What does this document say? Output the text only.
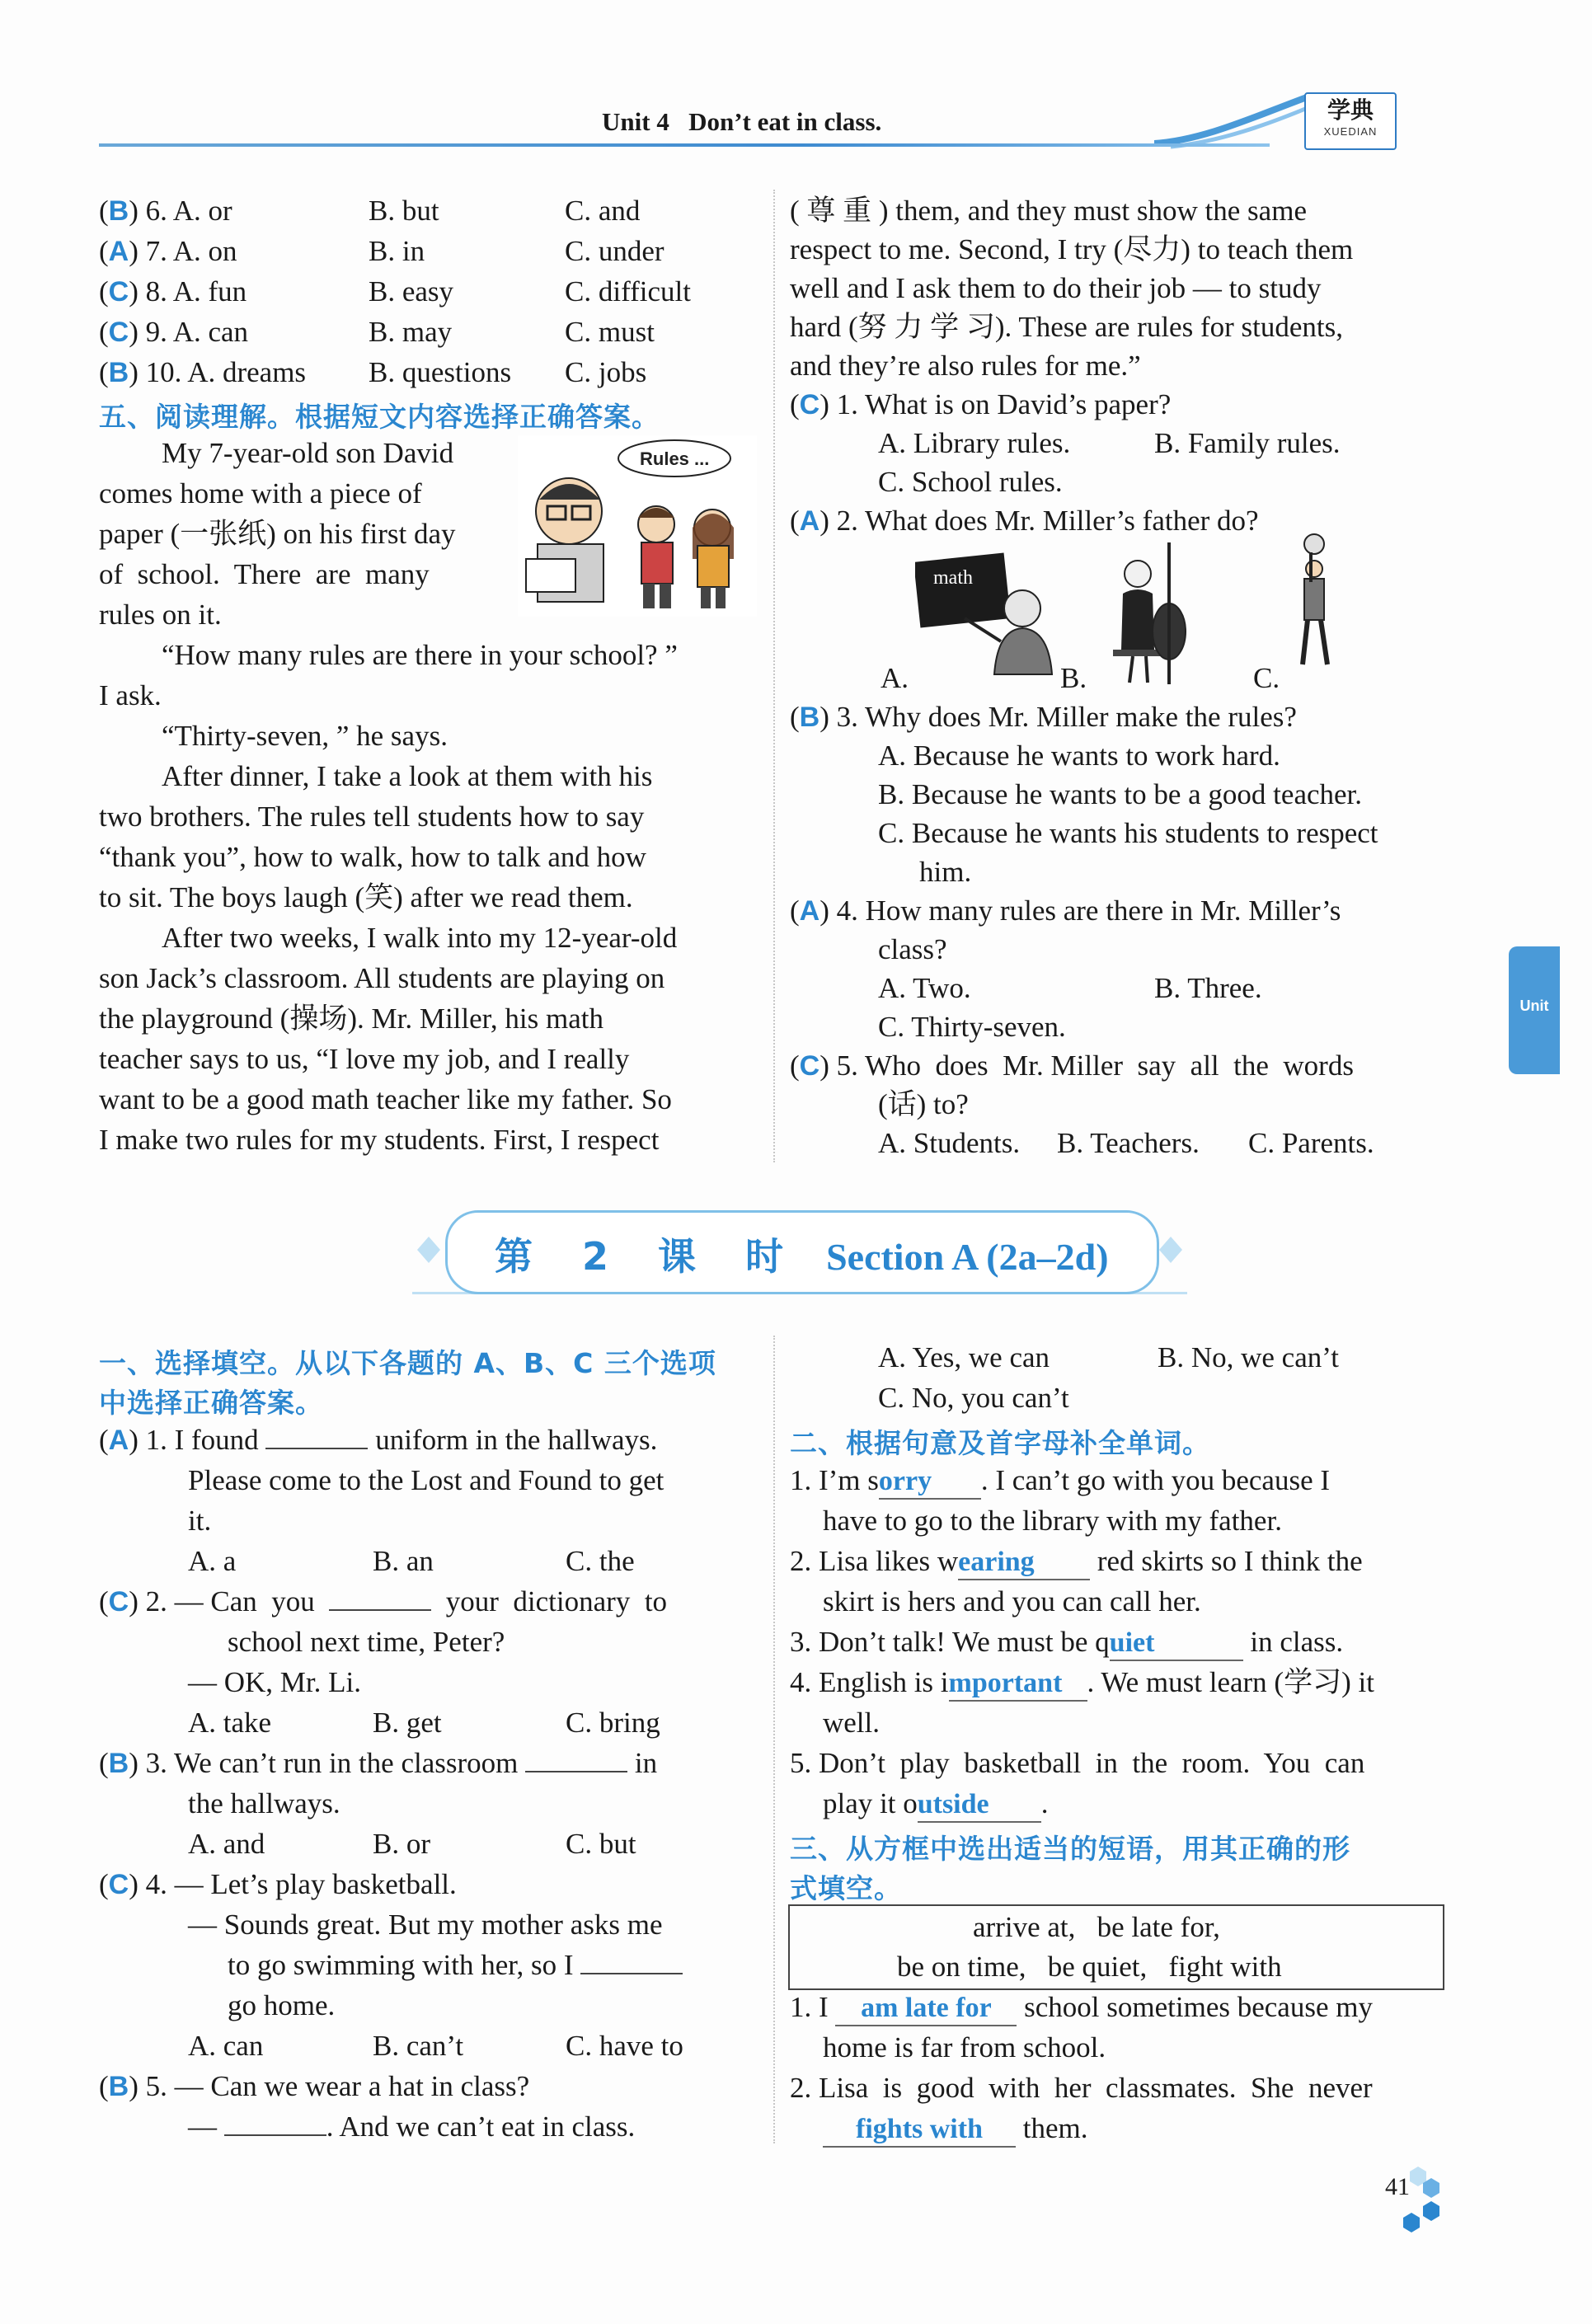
Unit 4   Don’t eat in class.	学典
XUEDIAN
(B) 6. A. or	B. but	C. and
(A) 7. A. on	B. in	C. under
(C) 8. A. fun	B. easy	C. difficult
(C) 9. A. can	B. may	C. must
(B) 10. A. dreams B. questions C. jobs
五、阅读理解。根据短文内容选择正确答案。
Rules ...
My 7-year-old son David
comes home with a piece of
paper (一张纸) on his first day
of  school.  There  are  many
rules on it.
“How many rules are there in your school? ”
I ask.
“Thirty-seven, ” he says.
After dinner, I take a look at them with his
two brothers. The rules tell students how to say
“thank you”, how to walk, how to talk and how
to sit. The boys laugh (笑) after we read them.
After two weeks, I walk into my 12-year-old
son Jack’s classroom. All students are playing on
the playground (操场). Mr. Miller, his math
teacher says to us, “I love my job, and I really
want to be a good math teacher like my father. So
I make two rules for my students. First, I respect
( 尊 重 ) them, and they must show the same
respect to me. Second, I try (尽力) to teach them
well and I ask them to do their job — to study
hard (努 力 学 习). These are rules for students,
and they’re also rules for me.”
(C) 1. What is on David’s paper?
A. Library rules.	B. Family rules.
C. School rules.
(A) 2. What does Mr. Miller’s father do?
math
A.	B.	C.
(B) 3. Why does Mr. Miller make the rules?
A. Because he wants to work hard.
B. Because he wants to be a good teacher.
C. Because he wants his students to respect
him.
(A) 4. How many rules are there in Mr. Miller’s
class?
A. Two.	B. Three.
C. Thirty-seven.
(C) 5. Who  does  Mr. Miller  say  all  the  words
(话) to?
A. Students. B. Teachers. C. Parents.
Unit
第 2 课 时 Section A (2a–2d)
一、选择填空。从以下各题的 A、B、C 三个选项
中选择正确答案。
(A) 1. I found	uniform in the hallways.
Please come to the Lost and Found to get
it.
A. a	B. an	C. the
(C) 2. — Can  you	your  dictionary  to
school next time, Peter?
— OK, Mr. Li.
A. take	B. get	C. bring
(B) 3. We can’t run in the classroom	in
the hallways.
A. and	B. or	C. but
(C) 4. — Let’s play basketball.
— Sounds great. But my mother asks me
to go swimming with her, so I
go home.
A. can	B. can’t	C. have to
(B) 5. — Can we wear a hat in class?
—	. And we can’t eat in class.
A. Yes, we can	B. No, we can’t
C. No, you can’t
二、根据句意及首字母补全单词。
1. I’m sorry . I can’t go with you because I
have to go to the library with my father.
2. Lisa likes wearing red skirts so I think the
skirt is hers and you can call her.
3. Don’t talk! We must be quiet	in class.
4. English is important . We must learn (学习) it
well.
5. Don’t  play  basketball  in  the  room.  You  can
play it outside .
三、从方框中选出适当的短语，用其正确的形
式填空。
arrive at,   be late for,
be on time,   be quiet,   fight with
1. I am late for school sometimes because my
home is far from school.
2. Lisa  is  good  with  her  classmates.  She  never
fights with them.
41
